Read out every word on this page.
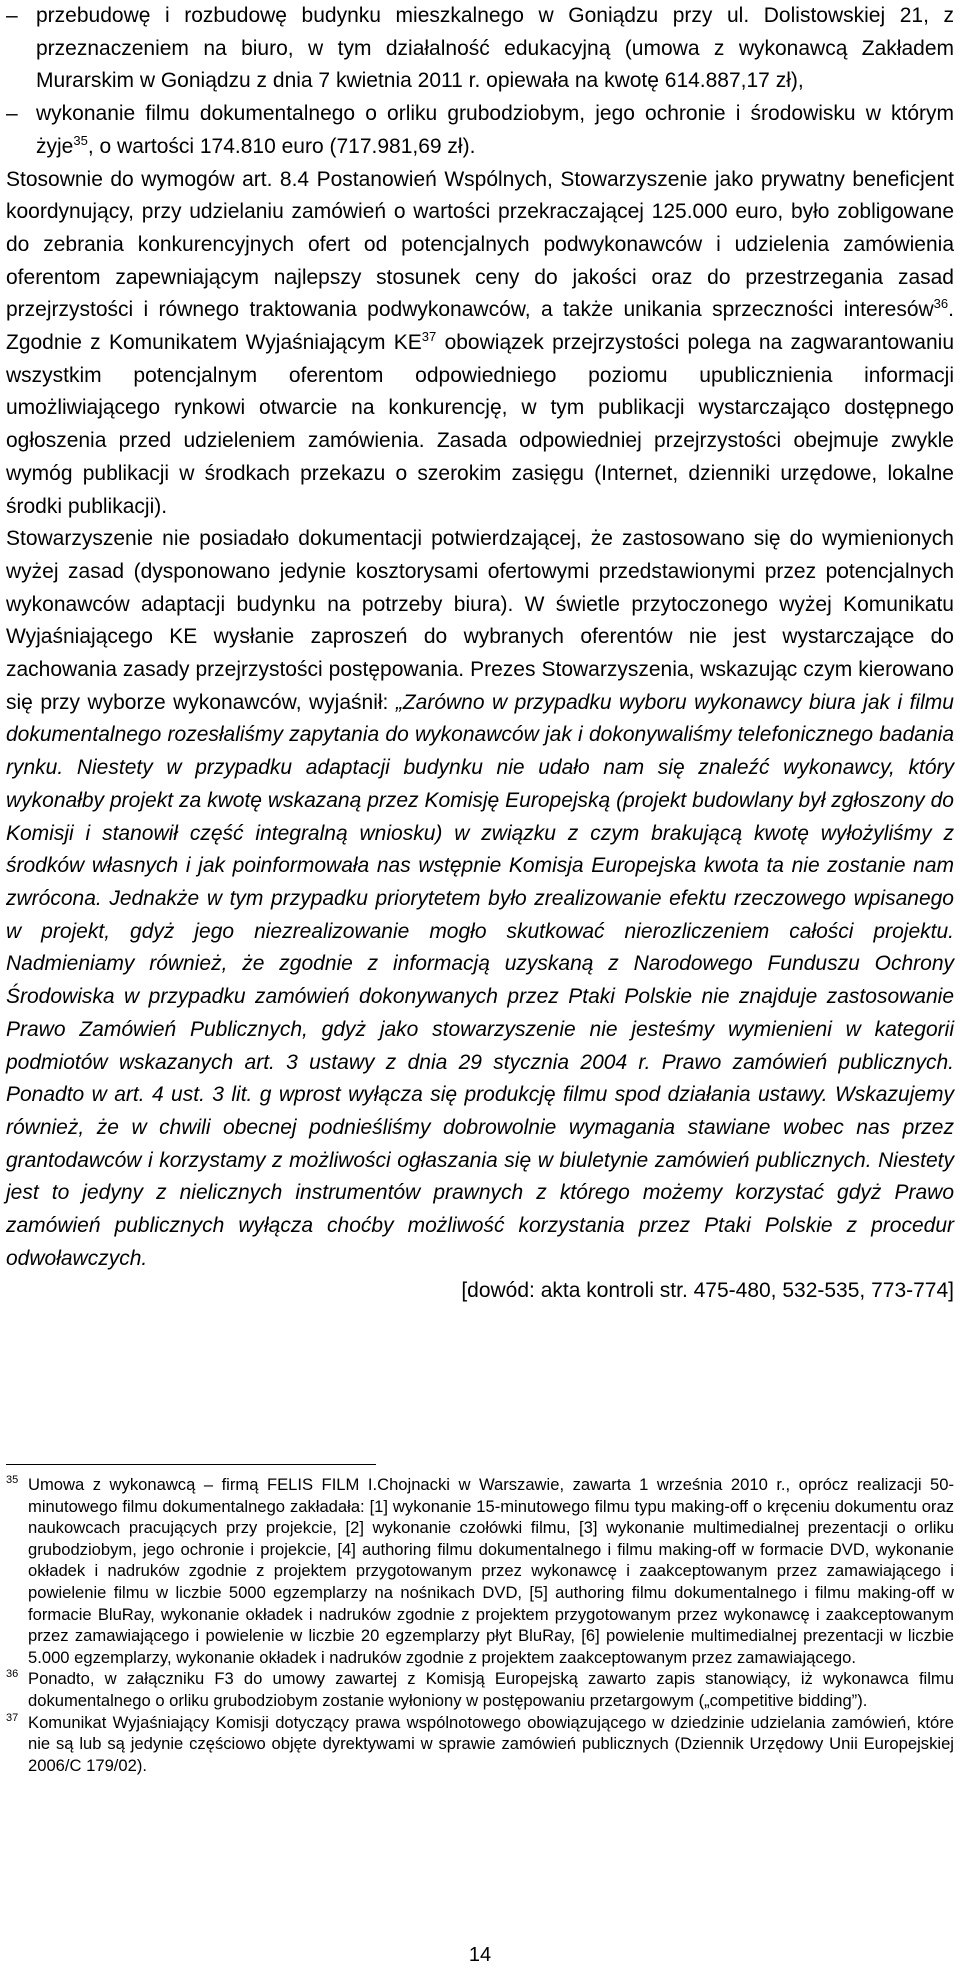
– przebudowę i rozbudowę budynku mieszkalnego w Goniądzu przy ul. Dolistowskiej 21, z przeznaczeniem na biuro, w tym działalność edukacyjną (umowa z wykonawcą Zakładem Murarskim w Goniądzu z dnia 7 kwietnia 2011 r. opiewała na kwotę 614.887,17 zł),

– wykonanie filmu dokumentalnego o orliku grubodziobym, jego ochronie i środowisku w którym żyje$^{35}$, o wartości 174.810 euro (717.981,69 zł).

Stosownie do wymogów art. 8.4 Postanowień Wspólnych, Stowarzyszenie jako prywatny beneficjent koordynujący, przy udzielaniu zamówień o wartości przekraczającej 125.000 euro, było zobligowane do zebrania konkurencyjnych ofert od potencjalnych podwykonawców i udzielenia zamówienia oferentom zapewniającym najlepszy stosunek ceny do jakości oraz do przestrzegania zasad przejrzystości i równego traktowania podwykonawców, a także unikania sprzeczności interesów$^{36}$. Zgodnie z Komunikatem Wyjaśniającym KE$^{37}$ obowiązek przejrzystości polega na zagwarantowaniu wszystkim potencjalnym oferentom odpowiedniego poziomu upublicznienia informacji umożliwiającego rynkowi otwarcie na konkurencję, w tym publikacji wystarczająco dostępnego ogłoszenia przed udzieleniem zamówienia. Zasada odpowiedniej przejrzystości obejmuje zwykle wymóg publikacji w środkach przekazu o szerokim zasięgu (Internet, dzienniki urzędowe, lokalne środki publikacji).

Stowarzyszenie nie posiadało dokumentacji potwierdzającej, że zastosowano się do wymienionych wyżej zasad (dysponowano jedynie kosztorysami ofertowymi przedstawionymi przez potencjalnych wykonawców adaptacji budynku na potrzeby biura). W świetle przytoczonego wyżej Komunikatu Wyjaśniającego KE wysłanie zaproszeń do wybranych oferentów nie jest wystarczające do zachowania zasady przejrzystości postępowania. Prezes Stowarzyszenia, wskazując czym kierowano się przy wyborze wykonawców, wyjaśnił: „Zarówno w przypadku wyboru wykonawcy biura jak i filmu dokumentalnego rozesłaliśmy zapytania do wykonawców jak i dokonywaliśmy telefonicznego badania rynku. Niestety w przypadku adaptacji budynku nie udało nam się znaleźć wykonawcy, który wykonałby projekt za kwotę wskazaną przez Komisję Europejską (projekt budowlany był zgłoszony do Komisji i stanowił część integralną wniosku) w związku z czym brakującą kwotę wyłożyliśmy z środków własnych i jak poinformowała nas wstępnie Komisja Europejska kwota ta nie zostanie nam zwrócona. Jednakże w tym przypadku priorytetem było zrealizowanie efektu rzeczowego wpisanego w projekt, gdyż jego niezrealizowanie mogło skutkować nierozliczeniem całości projektu. Nadmieniamy również, że zgodnie z informacją uzyskaną z Narodowego Funduszu Ochrony Środowiska w przypadku zamówień dokonywanych przez Ptaki Polskie nie znajduje zastosowanie Prawo Zamówień Publicznych, gdyż jako stowarzyszenie nie jesteśmy wymienieni w kategorii podmiotów wskazanych art. 3 ustawy z dnia 29 stycznia 2004 r. Prawo zamówień publicznych. Ponadto w art. 4 ust. 3 lit. g wprost wyłącza się produkcję filmu spod działania ustawy. Wskazujemy również, że w chwili obecnej podnieśliśmy dobrowolnie wymagania stawiane wobec nas przez grantodawców i korzystamy z możliwości ogłaszania się w biuletynie zamówień publicznych. Niestety jest to jedyny z nielicznych instrumentów prawnych z którego możemy korzystać gdyż Prawo zamówień publicznych wyłącza choćby możliwość korzystania przez Ptaki Polskie z procedur odwoławczych.

[dowód: akta kontroli str. 475-480, 532-535, 773-774]

35 Umowa z wykonawcą – firmą FELIS FILM I.Chojnacki w Warszawie, zawarta 1 września 2010 r., oprócz realizacji 50-minutowego filmu dokumentalnego zakładała: [1] wykonanie 15-minutowego filmu typu making-off o kręceniu dokumentu oraz naukowcach pracujących przy projekcie, [2] wykonanie czołówki filmu, [3] wykonanie multimedialnej prezentacji o orliku grubodziobym, jego ochronie i projekcie, [4] authoring filmu dokumentalnego i filmu making-off w formacie DVD, wykonanie okładek i nadruków zgodnie z projektem przygotowanym przez wykonawcę i zaakceptowanym przez zamawiającego i powielenie filmu w liczbie 5000 egzemplarzy na nośnikach DVD, [5] authoring filmu dokumentalnego i filmu making-off w formacie BluRay, wykonanie okładek i nadruków zgodnie z projektem przygotowanym przez wykonawcę i zaakceptowanym przez zamawiającego i powielenie w liczbie 20 egzemplarzy płyt BluRay, [6] powielenie multimedialnej prezentacji w liczbie 5.000 egzemplarzy, wykonanie okładek i nadruków zgodnie z projektem zaakceptowanym przez zamawiającego.

36 Ponadto, w załączniku F3 do umowy zawartej z Komisją Europejską zawarto zapis stanowiący, iż wykonawca filmu dokumentalnego o orliku grubodziobym zostanie wyłoniony w postępowaniu przetargowym („competitive bidding”).

37 Komunikat Wyjaśniający Komisji dotyczący prawa wspólnotowego obowiązującego w dziedzinie udzielania zamówień, które nie są lub są jedynie częściowo objęte dyrektywami w sprawie zamówień publicznych (Dziennik Urzędowy Unii Europejskiej 2006/C 179/02).

14
